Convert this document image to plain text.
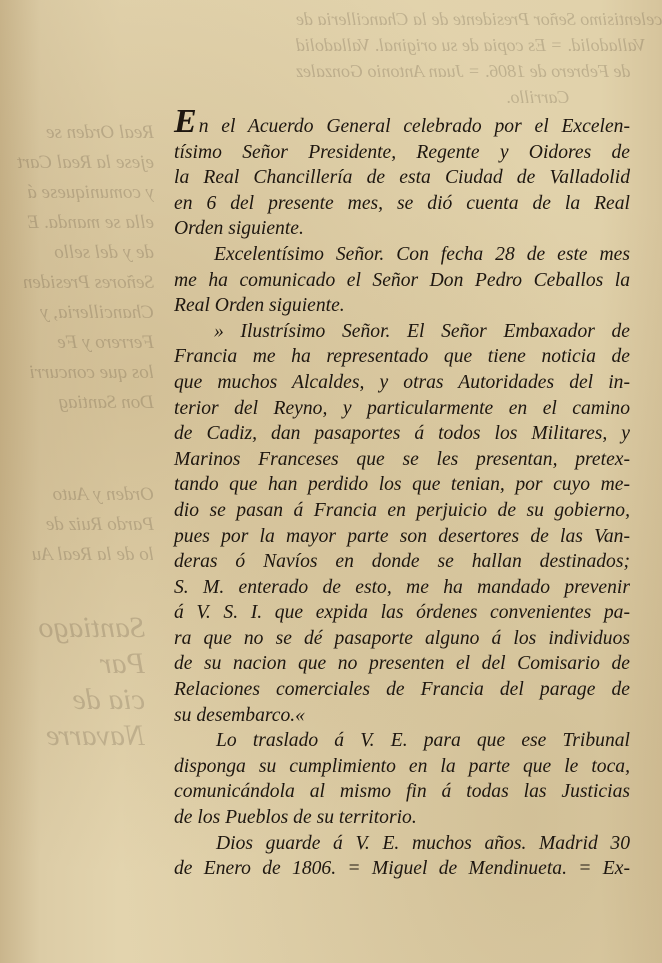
celentisimo Señor Presidente de la Chancilleria de
Valladolid. = Es copia de su original. Valladolid
de Febrero de 1806. = Juan Antonio Gonzalez
Carrillo.
Real Orden se
ejese la Real Cart
y comuniquese á
ella se manda. E
de y del sello
Señores Presiden
Chancilleria, y
Ferrero y Fe
los que concurri
Don Santiag
Orden y Auto
Pardo Ruiz de
lo de la Real Au
Santiago Par
cia de Navarre
En el Acuerdo General celebrado por el Excelen-
tísimo Señor Presidente, Regente y Oidores de
la Real Chancillería de esta Ciudad de Valladolid
en 6 del presente mes, se dió cuenta de la Real
Orden siguiente.
Excelentísimo Señor. Con fecha 28 de este mes
me ha comunicado el Señor Don Pedro Ceballos la
Real Orden siguiente.
» Ilustrísimo Señor. El Señor Embaxador de
Francia me ha representado que tiene noticia de
que muchos Alcaldes, y otras Autoridades del in-
terior del Reyno, y particularmente en el camino
de Cadiz, dan pasaportes á todos los Militares, y
Marinos Franceses que se les presentan, pretex-
tando que han perdido los que tenian, por cuyo me-
dio se pasan á Francia en perjuicio de su gobierno,
pues por la mayor parte son desertores de las Van-
deras ó Navíos en donde se hallan destinados;
S. M. enterado de esto, me ha mandado prevenir
á V. S. I. que expida las órdenes convenientes pa-
ra que no se dé pasaporte alguno á los individuos
de su nacion que no presenten el del Comisario de
Relaciones comerciales de Francia del parage de
su desembarco.«
Lo traslado á V. E. para que ese Tribunal
disponga su cumplimiento en la parte que le toca,
comunicándola al mismo fin á todas las Justicias
de los Pueblos de su territorio.
Dios guarde á V. E. muchos años. Madrid 30
de Enero de 1806. = Miguel de Mendinueta. = Ex-
